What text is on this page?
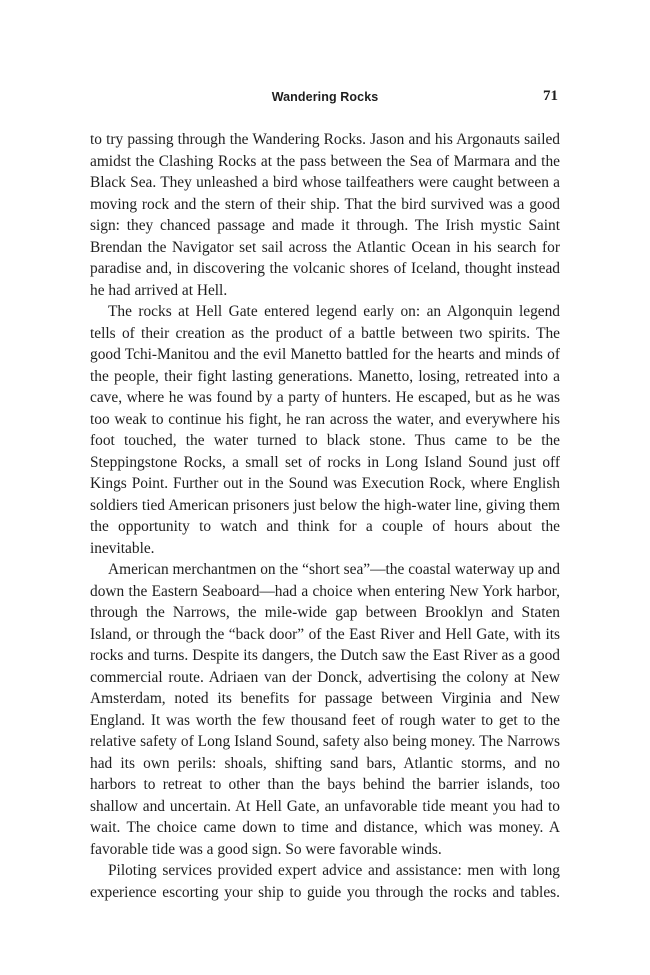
Wandering Rocks	71

to try passing through the Wandering Rocks. Jason and his Argonauts sailed amidst the Clashing Rocks at the pass between the Sea of Marmara and the Black Sea. They unleashed a bird whose tailfeathers were caught between a moving rock and the stern of their ship. That the bird survived was a good sign: they chanced passage and made it through. The Irish mystic Saint Brendan the Navigator set sail across the Atlantic Ocean in his search for paradise and, in discovering the volcanic shores of Iceland, thought instead he had arrived at Hell.

The rocks at Hell Gate entered legend early on: an Algonquin legend tells of their creation as the product of a battle between two spirits. The good Tchi-Manitou and the evil Manetto battled for the hearts and minds of the people, their fight lasting generations. Manetto, losing, retreated into a cave, where he was found by a party of hunters. He escaped, but as he was too weak to continue his fight, he ran across the water, and everywhere his foot touched, the water turned to black stone. Thus came to be the Steppingstone Rocks, a small set of rocks in Long Island Sound just off Kings Point. Further out in the Sound was Execution Rock, where English soldiers tied American prisoners just below the high-water line, giving them the opportunity to watch and think for a couple of hours about the inevitable.

American merchantmen on the “short sea”—the coastal waterway up and down the Eastern Seaboard—had a choice when entering New York harbor, through the Narrows, the mile-wide gap between Brooklyn and Staten Island, or through the “back door” of the East River and Hell Gate, with its rocks and turns. Despite its dangers, the Dutch saw the East River as a good commercial route. Adriaen van der Donck, advertising the colony at New Amsterdam, noted its benefits for passage between Virginia and New England. It was worth the few thousand feet of rough water to get to the relative safety of Long Island Sound, safety also being money. The Narrows had its own perils: shoals, shifting sand bars, Atlantic storms, and no harbors to retreat to other than the bays behind the barrier islands, too shallow and uncertain. At Hell Gate, an unfavorable tide meant you had to wait. The choice came down to time and distance, which was money. A favorable tide was a good sign. So were favorable winds.

Piloting services provided expert advice and assistance: men with long experience escorting your ship to guide you through the rocks and tables.
